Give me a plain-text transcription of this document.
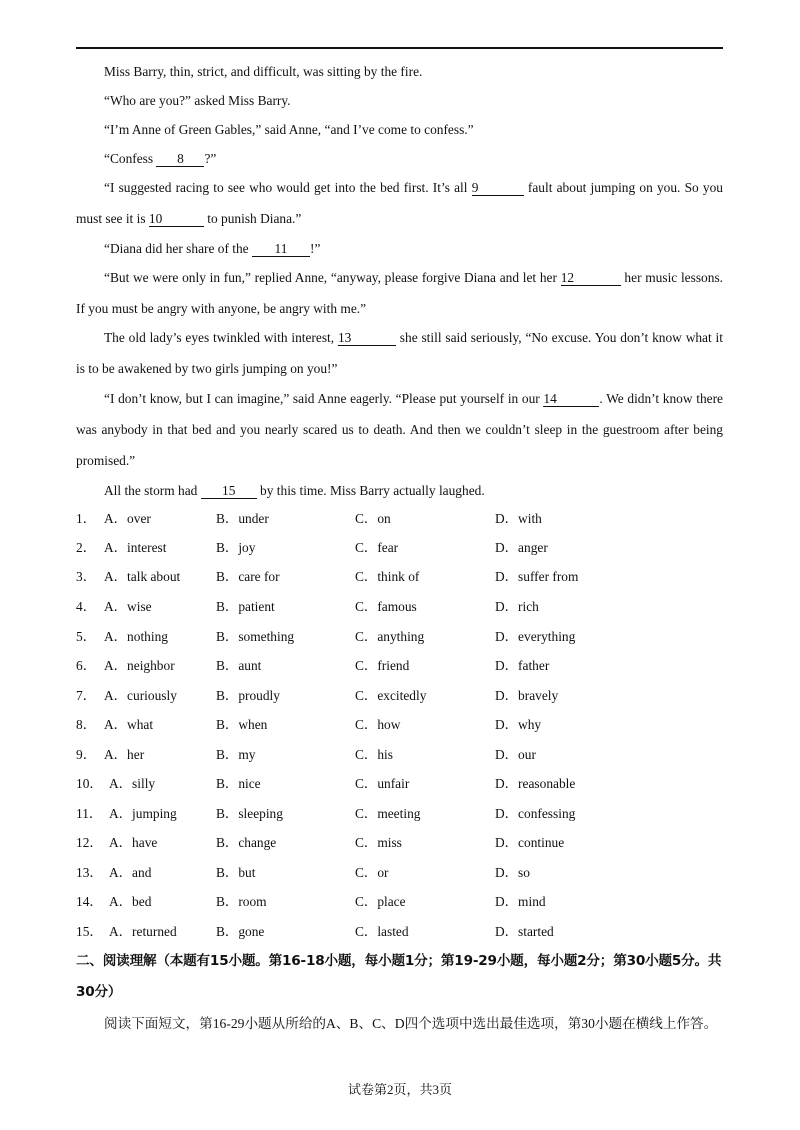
Miss Barry, thin, strict, and difficult, was sitting by the fire.

“Who are you?” asked Miss Barry.

“I’m Anne of Green Gables,” said Anne, “and I’ve come to confess.”

“Confess 8 ?”

“I suggested racing to see who would get into the bed first. It’s all 9	fault about jumping on you. So you must see it is 10	to punish Diana.”

“Diana did her share of the 11 !”

“But we were only in fun,” replied Anne, “anyway, please forgive Diana and let her 12	her music lessons. If you must be angry with anyone, be angry with me.”

The old lady’s eyes twinkled with interest, 13	she still said seriously, “No excuse. You don’t know what it is to be awakened by two girls jumping on you!”

“I don’t know, but I can imagine,” said Anne eagerly. “Please put yourself in our 14	. We didn’t know there was anybody in that bed and you nearly scared us to death. And then we couldn’t sleep in the guestroom after being promised.”

All the storm had 15 by this time. Miss Barry actually laughed.

1． A．over	B．under	C．on	D．with
2． A．interest	B．joy	C．fear	D．anger
3． A．talk about	B．care for	C．think of	D．suffer from
4． A．wise	B．patient	C．famous	D．rich
5． A．nothing	B．something	C．anything	D．everything
6． A．neighbor	B．aunt	C．friend	D．father
7． A．curiously	B．proudly	C．excitedly	D．bravely
8． A．what	B．when	C．how	D．why
9． A．her	B．my	C．his	D．our
10． A．silly	B．nice	C．unfair	D．reasonable
11． A．jumping	B．sleeping	C．meeting	D．confessing
12． A．have	B．change	C．miss	D．continue
13． A．and	B．but	C．or	D．so
14． A．bed	B．room	C．place	D．mind
15． A．returned	B．gone	C．lasted	D．started

二、阅读理解（本题有15小题。第16-18小题，每小题1分；第19-29小题，每小题2分；第30小题5分。共30分）

阅读下面短文，第16-29小题从所给的A、B、C、D四个选项中选出最佳选项，第30小题在横线上作答。

试卷第2页，共3页
